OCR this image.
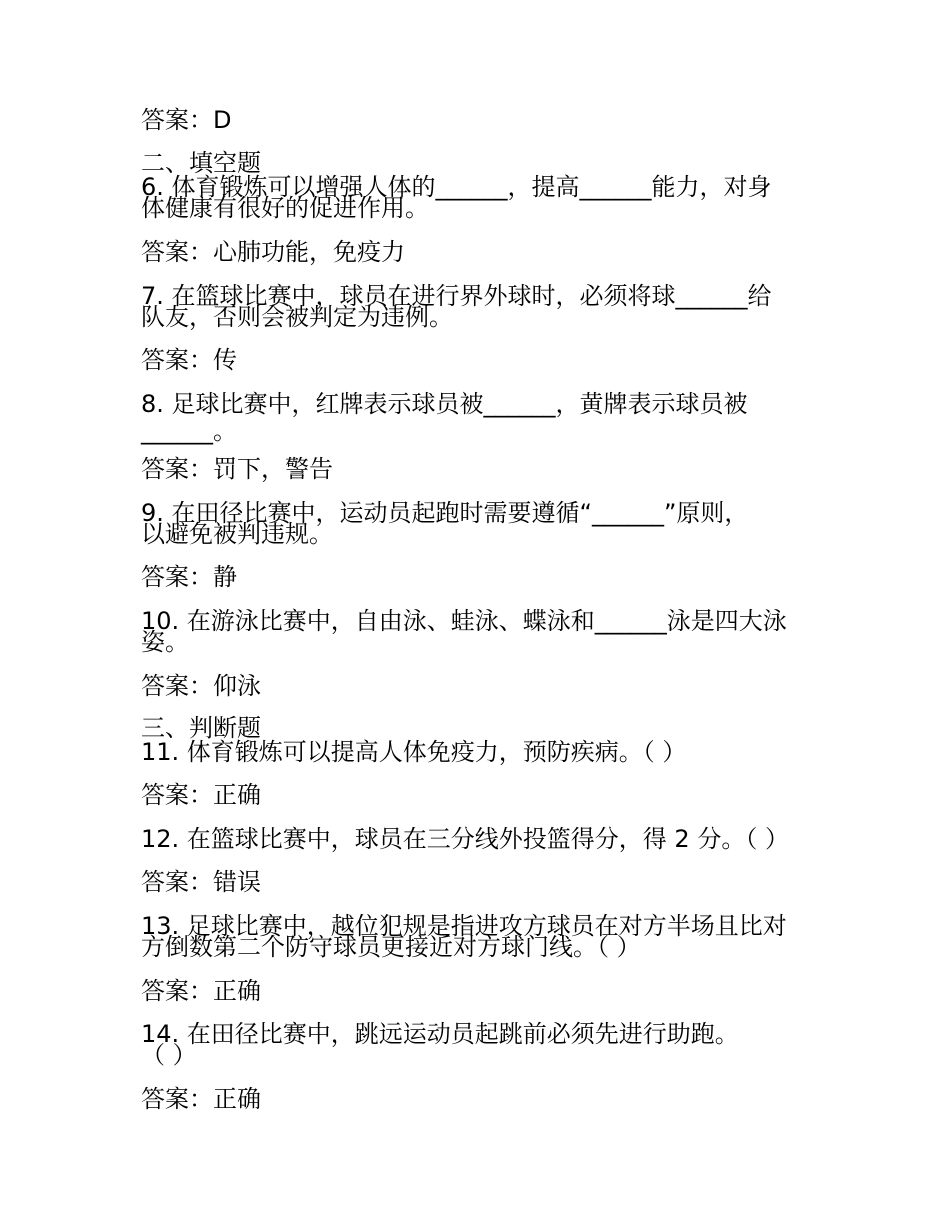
答案：D
二、填空题
6. 体育锻炼可以增强人体的______，提高______能力，对身
体健康有很好的促进作用。
答案：心肺功能，免疫力
7. 在篮球比赛中，球员在进行界外球时，必须将球______给
队友，否则会被判定为违例。
答案：传
8. 足球比赛中，红牌表示球员被______，黄牌表示球员被
______。
答案：罚下，警告
9. 在田径比赛中，运动员起跑时需要遵循“______”原则，
以避免被判违规。
答案：静
10. 在游泳比赛中，自由泳、蛙泳、蝶泳和______泳是四大泳
姿。
答案：仰泳
三、判断题
11. 体育锻炼可以提高人体免疫力，预防疾病。（ ）
答案：正确
12. 在篮球比赛中，球员在三分线外投篮得分，得 2 分。（ ）
答案：错误
13. 足球比赛中，越位犯规是指进攻方球员在对方半场且比对
方倒数第二个防守球员更接近对方球门线。（ ）
答案：正确
14. 在田径比赛中，跳远运动员起跳前必须先进行助跑。
（ ）
答案：正确
